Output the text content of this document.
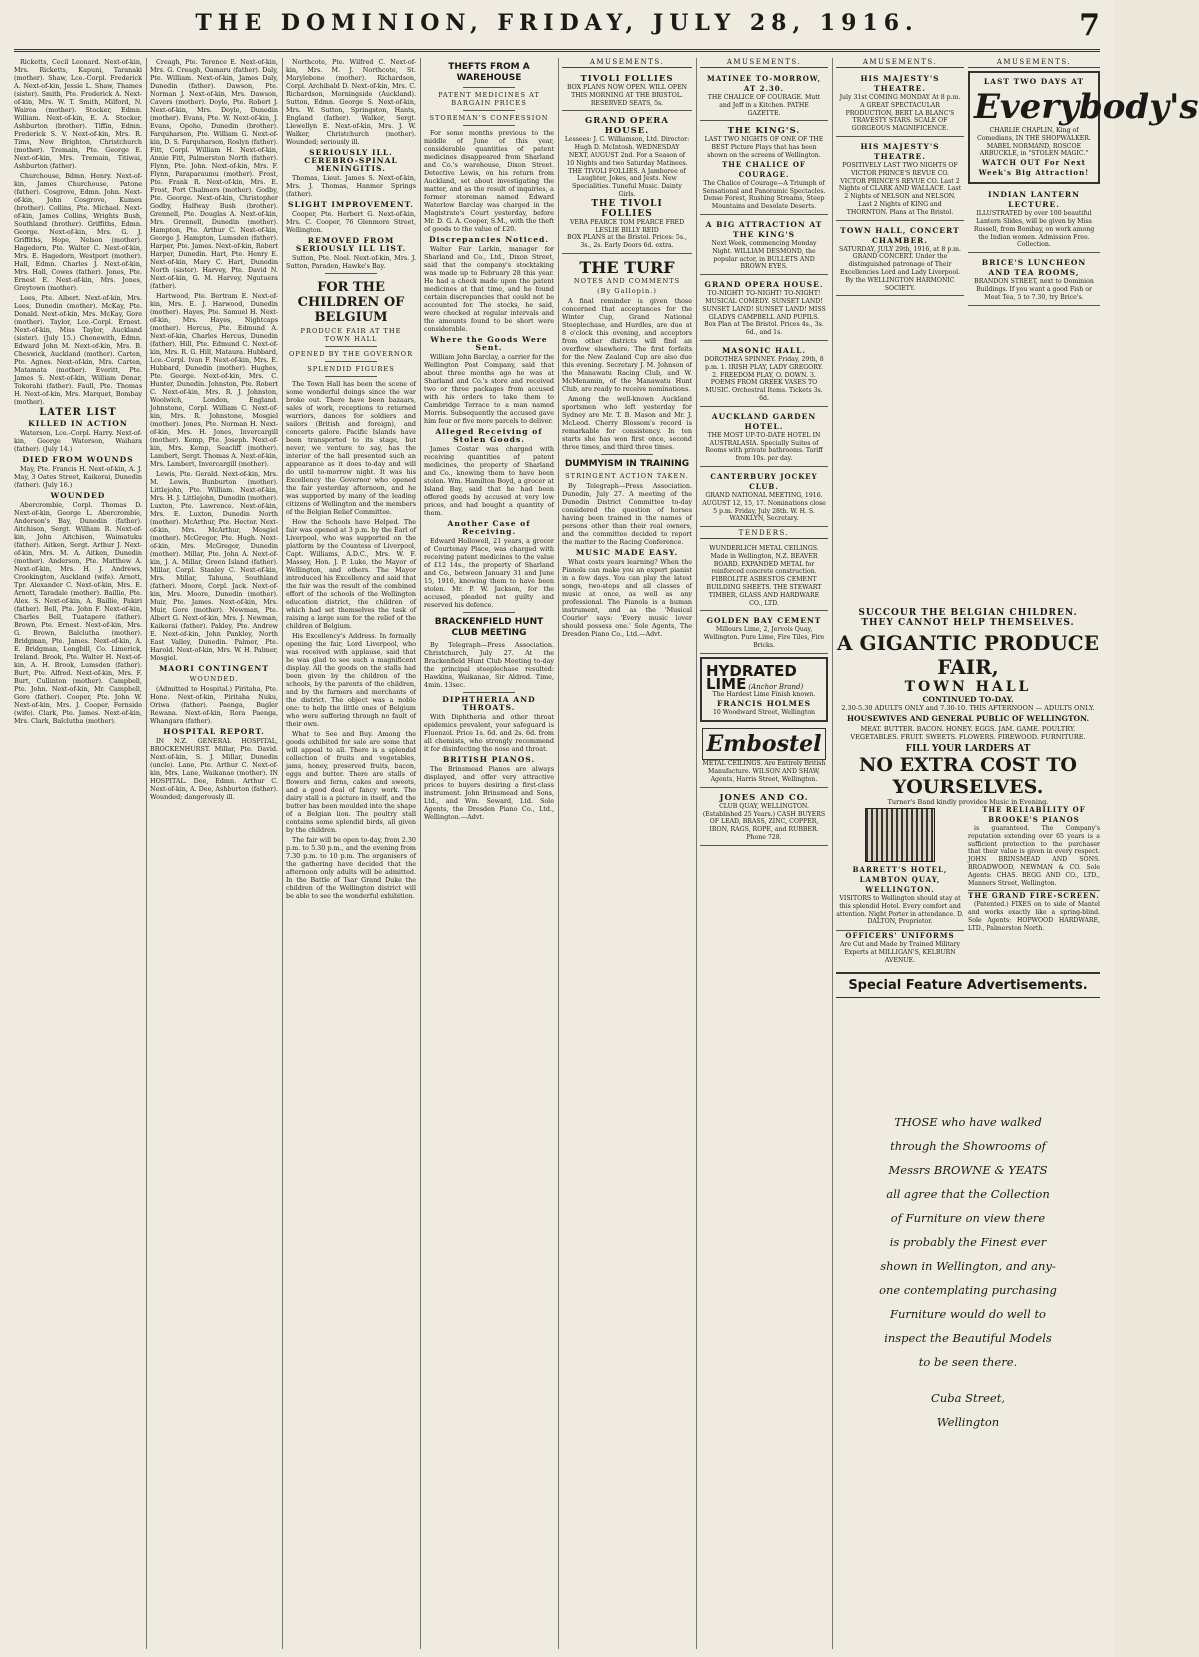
THE DOMINION, FRIDAY, JULY 28, 1916.	7

Ricketts, Cecil Leonard. Next-of-kin, Mrs. Ricketts, Kapuni, Taranaki (mother). Shaw, Lce.-Corpl. Frederick A. Next-of-kin, Jessie L. Shaw, Thames (sister). Smith, Pte. Frederick A. Next-of-kin, Mrs. W. T. Smith, Milford, N. Wairoa (mother). Stocker, Edmn. William. Next-of-kin, E. A. Stocker, Ashburton (brother). Tiffin, Edmn. Frederick S. V. Next-of-kin, Mrs. R. Tims, New Brighton, Christchurch (mother). Tremain, Pte. George E. Next-of-kin, Mrs. Tremain, Titiwai, Ashburton (father).

Churchouse, Bdmn. Henry. Next-of-kin, James Churchouse, Patone (father). Cosgrove, Edmn. John. Next-of-kin, John Cosgrove, Kumeu (brother). Collins, Pte. Michael. Next-of-kin, James Collins, Wrights Bush, Southland (brother). Griffiths, Edmn. George. Next-of-kin, Mrs. G. J. Griffiths, Hope, Nelson (mother). Hagedorn, Pte. Walter C. Next-of-kin, Mrs. E. Hagedorn, Westport (mother). Hall, Edmn. Charles J. Next-of-kin, Mrs. Hall, Cowes (father). Jones, Pte. Ernest E. Next-of-kin, Mrs. Jones, Greytown (mother).

Lees, Pte. Albert. Next-of-kin, Mrs. Lees, Dunedin (mother). McKay, Pte. Donald. Next-of-kin, Mrs. McKay, Gore (mother). Taylor, Lce.-Corpl. Ernest. Next-of-kin, Miss Taylor, Auckland (sister). (July 15.) Chenewith, Edmn. Edward John M. Next-of-kin, Mrs. B. Cheswick, Auckland (mother). Carten, Pte. Agnes. Next-of-kin, Mrs. Carten, Matamata (mother). Everitt, Pte. James S. Next-of-kin, William Denar, Tokorahi (father). Faull, Pte. Thomas H. Next-of-kin, Mrs. Marquet, Bombay (mother).

LATER LIST
KILLED IN ACTION

Waterson, Lce.-Corpl. Harry. Next-of-kin, George Waterson, Waihara (father). (July 14.)

DIED FROM WOUNDS

May, Pte. Francis H. Next-of-kin, A. J. May, 3 Oates Street, Kaikorai, Dunedin (father). (July 16.)

WOUNDED

Abercrombie, Corpl. Thomas D. Next-of-kin, George L. Abercrombie, Anderson's Bay, Dunedin (father). Aitchison, Sergt. William R. Next-of-kin, John Aitchison, Waimatuku (father). Aitken, Sergt. Arthur J. Next-of-kin, Mrs. M. A. Aitken, Dunedin (mother). Anderson, Pte. Matthew A. Next-of-kin, Mrs. H. J. Andrews, Crookington, Auckland (wife). Arnott, Tpr. Alexander C. Next-of-kin, Mrs. E. Arnott, Taradale (mother). Baillie, Pte. Alex. S. Next-of-kin, A. Baillie, Pakiri (father). Bell, Pte. John F. Next-of-kin, Charles Bell, Tuatapere (father). Brown, Pte. Ernest. Next-of-kin, Mrs. G. Brown, Balclutha (mother). Bridgman, Pte. James. Next-of-kin, A. E. Bridgman, Longbill, Co. Limerick, Ireland. Brook, Pte. Walter H. Next-of-kin, A. H. Brook, Lumsden (father). Burt, Pte. Alfred. Next-of-kin, Mrs. F. Burt, Cullinton (mother). Campbell, Pte. John. Next-of-kin, Mr. Campbell, Gore (father). Cooper, Pte. John W. Next-of-kin, Mrs. J. Cooper, Fernside (wife). Clark, Pte. James. Next-of-kin, Mrs. Clark, Balclutha (mother).

Creagh, Pte. Terence E. Next-of-kin, Mrs. G. Creagh, Oamaru (father). Daly, Pte. William. Next-of-kin, James Daly, Dunedin (father). Dawson, Pte. Norman J. Next-of-kin, Mrs. Dawson, Cavers (mother). Doyle, Pte. Robert J. Next-of-kin, Mrs. Doyle, Dunedin (mother). Evans, Pte. W. Next-of-kin, J. Evans, Opoho, Dunedin (brother). Farquharson, Pte. William G. Next-of-kin, D. S. Farquharson, Roslyn (father). Fitt, Corpl. William H. Next-of-kin, Annie Fitt, Palmerston North (father). Flynn, Pte. John. Next-of-kin, Mrs. F. Flynn, Paraparaumu (mother). Frost, Pte. Frank R. Next-of-kin, Mrs. E. Frost, Port Chalmers (mother). Godby, Pte. George. Next-of-kin, Christopher Godby, Halfway Bush (brother). Grennell, Pte. Douglas A. Next-of-kin, Mrs. Grennell, Dunedin (mother). Hampton, Pte. Arthur C. Next-of-kin, George J. Hampton, Lumsden (father). Harper, Pte. James. Next-of-kin, Robert Harper, Dunedin. Hart, Pte. Henry E. Next-of-kin, Mary C. Hart, Dunedin North (sister). Harvey, Pte. David N. Next-of-kin, G. M. Harvey, Ngutuera (father).

Hartwood, Pte. Bertram E. Next-of-kin, Mrs. E. J. Harwood, Dunedin (mother). Hayes, Pte. Samuel H. Next-of-kin, Mrs. Hayes, Nightcaps (mother). Hercus, Pte. Edmund A. Next-of-kin, Charles Hercus, Dunedin (father). Hill, Pte. Edmund C. Next-of-kin, Mrs. R. G. Hill, Mataura. Hubbard, Lce.-Corpl. Ivan F. Next-of-kin, Mrs. E. Hubbard, Dunedin (mother). Hughes, Pte. George. Next-of-kin, Mrs. C. Hunter, Dunedin. Johnston, Pte. Robert C. Next-of-kin, Mrs. R. J. Johnston, Woolwich, London, England. Johnstone, Corpl. William C. Next-of-kin, Mrs. R. Johnstone, Mosgiel (mother). Jones, Pte. Norman H. Next-of-kin, Mrs. H. Jones, Invercargill (mother). Kemp, Pte. Joseph. Next-of-kin, Mrs. Kemp, Seacliff (mother). Lambert, Sergt. Thomas A. Next-of-kin, Mrs. Lambert, Invercargill (mother).

Lewis, Pte. Gerald. Next-of-kin, Mrs. M. Lewis, Bunburton (mother). Littlejohn, Pte. William. Next-of-kin, Mrs. H. J. Littlejohn, Dunedin (mother). Luxton, Pte. Lawrence. Next-of-kin, Mrs. E. Luxton, Dunedin North (mother). McArthur, Pte. Hector. Next-of-kin, Mrs. McArthur, Mosgiel (mother). McGregor, Pte. Hugh. Next-of-kin, Mrs. McGregor, Dunedin (mother). Millar, Pte. John A. Next-of-kin, J. A. Millar, Green Island (father). Millar, Corpl. Stanley C. Next-of-kin, Mrs. Millar, Tahuna, Southland (father). Moore, Corpl. Jack. Next-of-kin, Mrs. Moore, Dunedin (mother). Muir, Pte. James. Next-of-kin, Mrs. Muir, Gore (mother). Newman, Pte. Albert G. Next-of-kin, Mrs. J. Newman, Kaikorai (father). Pakley, Pte. Andrew E. Next-of-kin, John Pankley, North East Valley, Dunedin. Palmer, Pte. Harold. Next-of-kin, Mrs. W. H. Palmer, Mosgiel.

MAORI CONTINGENT
WOUNDED.

(Admitted to Hospital.) Piritaha, Pte. Hone. Next-of-kin, Piritaha Nuku, Oriwa (father). Paenga, Bugler Rewana. Next-of-kin, Rora Paenga, Whangara (father).

HOSPITAL REPORT.

IN N.Z. GENERAL HOSPITAL, BROCKENHURST. Millar, Pte. David. Next-of-kin, S. J. Millar, Dunedin (uncle). Lane, Pte. Arthur C. Next-of-kin, Mrs. Lane, Waikanae (mother). IN HOSPITAL. Dee, Edmn. Arthur C. Next-of-kin, A. Dee, Ashburton (father). Wounded; dangerously ill.

Northcote, Pte. Wilfred C. Next-of-kin, Mrs. M. J. Northcote, St. Marylebone (mother). Richardson, Corpl. Archibald D. Next-of-kin, Mrs. C. Richardson, Morningside (Auckland). Sutton, Edmn. George S. Next-of-kin, Mrs. W. Sutton, Springston, Hants, England (father). Walker, Sergt. Llewellyn E. Next-of-kin, Mrs. J. W. Walker, Christchurch (mother). Wounded; seriously ill.

SERIOUSLY ILL. CEREBRO-SPINAL MENINGITIS.

Thomas, Lieut. James S. Next-of-kin, Mrs. J. Thomas, Hanmer Springs (father).

SLIGHT IMPROVEMENT.

Cooper, Pte. Herbert G. Next-of-kin, Mrs. C. Cooper, 76 Glenmore Street, Wellington.

REMOVED FROM SERIOUSLY ILL LIST.

Sutton, Pte. Noel. Next-of-kin, Mrs. J. Sutton, Paraden, Hawke's Bay.

FOR THE CHILDREN OF BELGIUM
PRODUCE FAIR AT THE TOWN HALL
OPENED BY THE GOVERNOR
SPLENDID FIGURES

The Town Hall has been the scene of some wonderful doings since the war broke out. There have been bazaars, sales of work, receptions to returned warriors, dances for soldiers and sailors (British and foreign), and concerts galore. Pacific Islands have been transported to its stage, but never, we venture to say, has the interior of the hall presented such an appearance as it does to-day and will do until to-morrow night. It was his Excellency the Governor who opened the fair yesterday afternoon, and he was supported by many of the leading citizens of Wellington and the members of the Belgian Relief Committee.

How the Schools have Helped. The fair was opened at 3 p.m. by the Earl of Liverpool, who was supported on the platform by the Countess of Liverpool, Capt. Williams, A.D.C., Mrs. W. F. Massey, Hon. J. P. Luke, the Mayor of Wellington, and others. The Mayor introduced his Excellency and said that the fair was the result of the combined effort of the schools of the Wellington education district, the children of which had set themselves the task of raising a large sum for the relief of the children of Belgium.

His Excellency's Address. In formally opening the fair, Lord Liverpool, who was received with applause, said that he was glad to see such a magnificent display. All the goods on the stalls had been given by the children of the schools, by the parents of the children, and by the farmers and merchants of the district. The object was a noble one: to help the little ones of Belgium who were suffering through no fault of their own.

What to See and Buy. Among the goods exhibited for sale are some that will appeal to all. There is a splendid collection of fruits and vegetables, jams, honey, preserved fruits, bacon, eggs and butter. There are stalls of flowers and ferns, cakes and sweets, and a good deal of fancy work. The dairy stall is a picture in itself, and the butter has been moulded into the shape of a Belgian lion. The poultry stall contains some splendid birds, all given by the children.

The fair will be open to-day, from 2.30 p.m. to 5.30 p.m., and the evening from 7.30 p.m. to 10 p.m. The organisers of the gathering have decided that the afternoon only adults will be admitted. In the Battle of Tsar Grand Duke the children of the Wellington district will be able to see the wonderful exhibition.

THEFTS FROM A WAREHOUSE
PATENT MEDICINES AT BARGAIN PRICES
STOREMAN'S CONFESSION

For some months previous to the middle of June of this year, considerable quantities of patent medicines disappeared from Sharland and Co.'s warehouse, Dixon Street. Detective Lewis, on his return from Auckland, set about investigating the matter, and as the result of inquiries, a former storeman named Edward Waterlow Barclay was charged in the Magistrate's Court yesterday, before Mr. D. G. A. Cooper, S.M., with the theft of goods to the value of £20.

Discrepancies Noticed.

Walter Fair Larkin, manager for Sharland and Co., Ltd., Dixon Street, said that the company's stocktaking was made up to February 28 this year. He had a check made upon the patent medicines at that time, and he found certain discrepancies that could not be accounted for. The stocks, he said, were checked at regular intervals and the amounts found to be short were considerable.

Where the Goods Were Sent.

William John Barclay, a carrier for the Wellington Post Company, said that about three months ago he was at Sharland and Co.'s store and received two or three packages from accused with his orders to take them to Cambridge Terrace to a man named Morris. Subsequently the accused gave him four or five more parcels to deliver.

Alleged Receiving of Stolen Goods.

James Costar was charged with receiving quantities of patent medicines, the property of Sharland and Co., knowing them to have been stolen. Wm. Hamilton Boyd, a grocer at Island Bay, said that he had been offered goods by accused at very low prices, and had bought a quantity of them.

Another Case of Receiving.

Edward Hollowell, 21 years, a grocer of Courtenay Place, was charged with receiving patent medicines to the value of £12 14s., the property of Sharland and Co., between January 31 and June 15, 1916, knowing them to have been stolen. Mr. P. W. Jackson, for the accused, pleaded not guilty and reserved his defence.

BRACKENFIELD HUNT CLUB MEETING

By Telegraph—Press Association. Christchurch, July 27. At the Brackenfield Hunt Club Meeting to-day the principal steeplechase resulted: Hawkins, Waikanae, Sir Aldred. Time, 4min. 13sec.

DIPHTHERIA AND THROATS.

With Diphtheria and other throat epidemics prevalent, your safeguard is Fluenzol. Price 1s. 6d. and 2s. 6d. from all chemists, who strongly recommend it for disinfecting the nose and throat.

BRITISH PIANOS.

The Brinsmead Pianos are always displayed, and offer very attractive prices to buyers desiring a first-class instrument. John Brinsmead and Sons, Ltd., and Wm. Seward, Ltd. Sole Agents, the Dresden Piano Co., Ltd., Wellington.—Advt.

AMUSEMENTS.
TIVOLI FOLLIES
BOX PLANS NOW OPEN. WILL OPEN THIS MORNING AT THE BRISTOL. RESERVED SEATS, 5s.
GRAND OPERA HOUSE.
Lessees: J. C. Williamson, Ltd. Director: Hugh D. McIntosh. WEDNESDAY NEXT, AUGUST 2nd. For a Season of 10 Nights and two Saturday Matinees. THE TIVOLI FOLLIES. A Jamboree of Laughter, Jokes, and Jests. New Specialities. Tuneful Music. Dainty Girls.
THE TIVOLI FOLLIES
VERA PEARCE TOM PEARCE FRED LESLIE BILLY REID
BOX PLANS at the Bristol. Prices: 5s., 3s., 2s. Early Doors 6d. extra.
THE TURF
NOTES AND COMMENTS
(By Gallopin.)

A final reminder is given those concerned that acceptances for the Winter Cup, Grand National Steeplechase, and Hurdles, are due at 8 o'clock this evening, and acceptors from other districts will find an overflow elsewhere. The first forfeits for the New Zealand Cup are also due this evening. Secretary J. M. Johnson of the Manawatu Racing Club, and W. McMenamin, of the Manawatu Hunt Club, are ready to receive nominations.

Among the well-known Auckland sportsmen who left yesterday for Sydney are Mr. T. B. Mason and Mr. J. McLeod. Cherry Blossom's record is remarkable for consistency. In ten starts she has won first once, second three times, and third three times.

DUMMYISM IN TRAINING
STRINGENT ACTION TAKEN.

By Telegraph—Press Association. Dunedin, July 27. A meeting of the Dunedin District Committee to-day considered the question of horses having been trained in the names of persons other than their real owners, and the committee decided to report the matter to the Racing Conference.

MUSIC MADE EASY.

What costs years learning? When the Pianola can make you an expert pianist in a few days. You can play the latest songs, two-steps and all classes of music at once, as well as any professional. The Pianola is a human instrument, and as the 'Musical Courier' says: 'Every music lover should possess one.' Sole Agents, The Dresden Piano Co., Ltd.—Advt.

AMUSEMENTS.
MATINEE TO-MORROW, AT 2.30.
THE CHALICE OF COURAGE. Mutt and Jeff in a Kitchen. PATHE GAZETTE.
THE KING'S.
LAST TWO NIGHTS OF ONE OF THE BEST Picture Plays that has been shown on the screens of Wellington.
THE CHALICE OF COURAGE.
The Chalice of Courage—A Triumph of Sensational and Panoramic Spectacles. Dense Forest, Rushing Streams, Steep Mountains and Desolate Deserts.
A BIG ATTRACTION AT THE KING'S
Next Week, commencing Monday Night. WILLIAM DESMOND, the popular actor, in BULLETS AND BROWN EYES.
GRAND OPERA HOUSE.
TO-NIGHT! TO-NIGHT! TO-NIGHT! MUSICAL COMEDY. SUNSET LAND! SUNSET LAND! SUNSET LAND! MISS GLADYS CAMPBELL AND PUPILS. Box Plan at The Bristol. Prices 4s., 3s. 6d., and 1s.
MASONIC HALL.
DOROTHEA SPINNEY. Friday, 29th, 8 p.m. 1. IRISH PLAY, LADY GREGORY. 2. FREEDOM PLAY, O. DOWN. 3. POEMS FROM GREEK VASES TO MUSIC. Orchestral Items. Tickets 3s. 6d.
AUCKLAND GARDEN HOTEL.
THE MOST UP-TO-DATE HOTEL IN AUSTRALASIA. Specially Suites of Rooms with private bathrooms. Tariff from 10s. per day.
CANTERBURY JOCKEY CLUB.
GRAND NATIONAL MEETING, 1916. AUGUST 12, 15, 17. Nominations close 5 p.m. Friday, July 28th. W. H. S. WANKLYN, Secretary.
TENDERS.
WUNDERLICH METAL CEILINGS. Made in Wellington, N.Z. BEAVER BOARD. EXPANDED METAL for reinforced concrete construction. FIBROLITE ASBESTOS CEMENT BUILDING SHEETS. THE STEWART TIMBER, GLASS AND HARDWARE CO., LTD.
GOLDEN BAY CEMENT
Millours Lime, 2, Jervois Quay, Wellington. Pure Lime, Fire Tiles, Fire Bricks.
HYDRATED
LIME (Anchor Brand)
The Hardest Lime Finish known.
FRANCIS HOLMES
10 Woodward Street, Wellington
Embostel
METAL CEILINGS. Are Entirely British Manufacture. WILSON AND SHAW, Agents, Harris Street, Wellington.
JONES AND CO.
CLUB QUAY, WELLINGTON. (Established 25 Years.) CASH BUYERS OF LEAD, BRASS, ZINC, COPPER, IRON, RAGS, ROPE, and RUBBER. Phone 728.
AMUSEMENTS.
HIS MAJESTY'S THEATRE.
July 31st COMING MONDAY At 8 p.m. A GREAT SPECTACULAR PRODUCTION, BERT LA BLANC'S TRAVESTY STARS. SCALE OF GORGEOUS MAGNIFICENCE.
HIS MAJESTY'S THEATRE.
POSITIVELY LAST TWO NIGHTS OF VICTOR PRINCE'S REVUE CO. VICTOR PRINCE'S REVUE CO. Last 2 Nights of CLARK AND WALLACE. Last 2 Nights of NELSON and NELSON. Last 2 Nights of KING and THORNTON. Plans at The Bristol.
TOWN HALL, CONCERT CHAMBER.
SATURDAY, JULY 29th, 1916, at 8 p.m. GRAND CONCERT. Under the distinguished patronage of Their Excellencies Lord and Lady Liverpool. By the WELLINGTON HARMONIC SOCIETY.
AMUSEMENTS.
LAST TWO DAYS AT
Everybody's
CHARLIE CHAPLIN, King of Comedians, IN THE SHOPWALKER.
MABEL NORMAND, ROSCOE ARBUCKLE, in "STOLEN MAGIC."
WATCH OUT For Next Week's Big Attraction!
INDIAN LANTERN LECTURE.
ILLUSTRATED by over 100 beautiful Lantern Slides, will be given by Miss Russell, from Bombay, on work among the Indian women. Admission Free. Collection.
BRICE'S LUNCHEON AND TEA ROOMS,
BRANDON STREET, next to Dominion Buildings. If you want a good Fish or Meat Tea, 5 to 7.30, try Brice's.
SUCCOUR THE BELGIAN CHILDREN.
THEY CANNOT HELP THEMSELVES.
A GIGANTIC PRODUCE FAIR,
TOWN HALL
CONTINUED TO-DAY.
2.30-5.30 ADULTS ONLY and 7.30-10. THIS AFTERNOON — ADULTS ONLY.
HOUSEWIVES AND GENERAL PUBLIC OF WELLINGTON.
MEAT. BUTTER. BACON. HONEY. EGGS. JAM. GAME. POULTRY. VEGETABLES. FRUIT. SWEETS. FLOWERS. FIREWOOD. FURNITURE.
FILL YOUR LARDERS AT
NO EXTRA COST TO YOURSELVES.
Turner's Band kindly provides Music in Evening.
BARRETT'S HOTEL, LAMBTON QUAY, WELLINGTON.
VISITORS to Wellington should stay at this splendid Hotel. Every comfort and attention. Night Porter in attendance. D. DALTON, Proprietor.
OFFICERS' UNIFORMS
Are Cut and Made by Trained Military Experts at MILLIGAN'S, KELBURN AVENUE.
THE RELIABILITY OF BROOKE'S PIANOS

is guaranteed. The Company's reputation extending over 65 years is a sufficient protection to the purchaser that their value is given in every respect. JOHN BRINSMEAD AND SONS. BROADWOOD, NEWMAN & CO. Sole Agents: CHAS. BEGG AND CO., LTD., Manners Street, Wellington.

THE GRAND FIRE-SCREEN.

(Patented.) FIXES on to side of Mantel and works exactly like a spring-blind. Sole Agents: HOPWOOD HARDWARE, LTD., Palmerston North.

Special Feature Advertisements.
THOSE who have walked
through the Showrooms of
Messrs BROWNE & YEATS
all agree that the Collection
of Furniture on view there
is probably the Finest ever
shown in Wellington, and any-
one contemplating purchasing
Furniture would do well to
inspect the Beautiful Models
to be seen there.
Cuba Street,
Wellington
